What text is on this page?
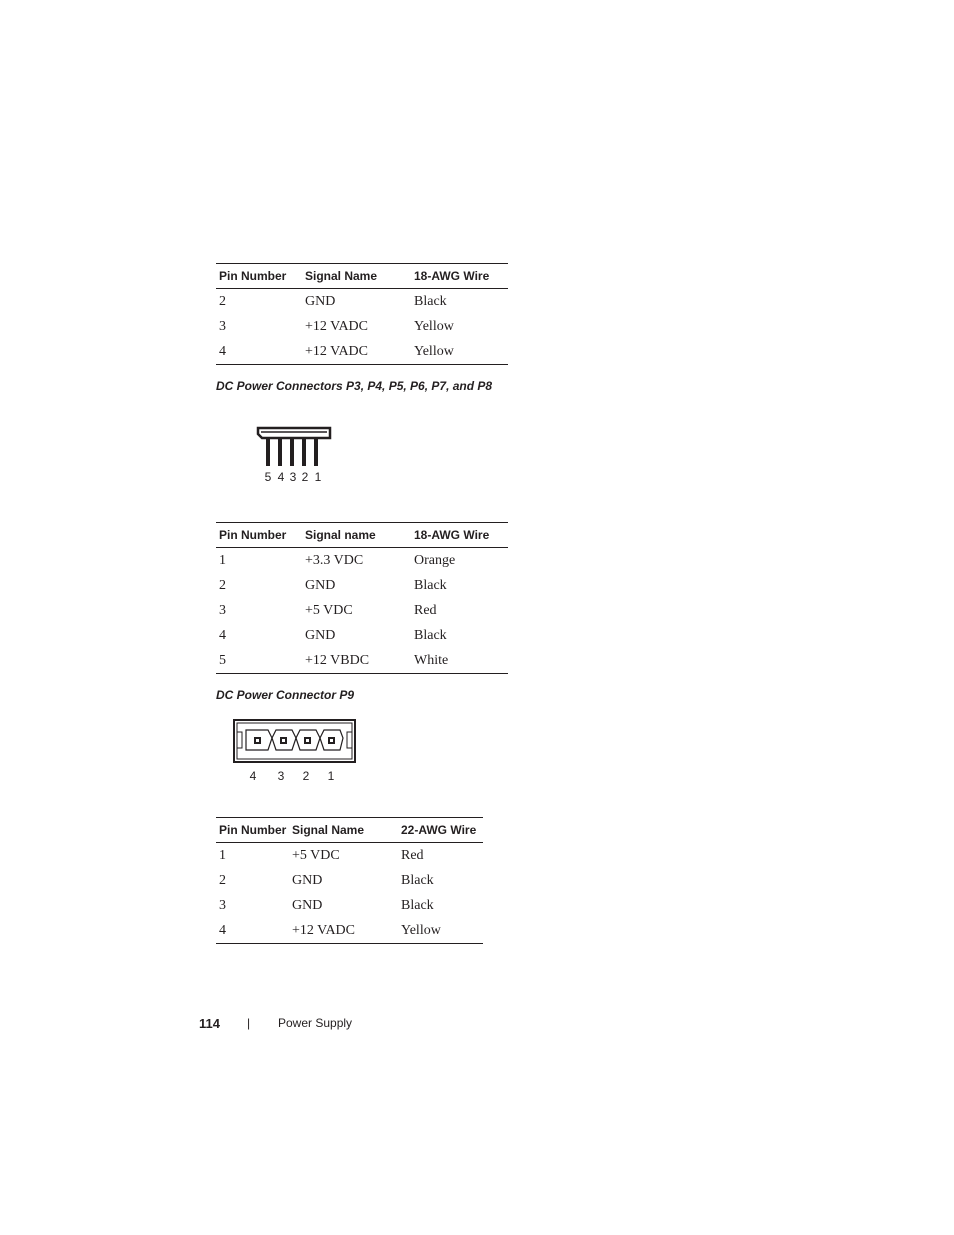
Pin Number	Signal Name	18-AWG Wire
2	GND	Black
3	+12 VADC	Yellow
4	+12 VADC	Yellow
DC Power Connectors P3, P4, P5, P6, P7, and P8
5 4 3 2 1
Pin Number	Signal name	18-AWG Wire
1	+3.3 VDC	Orange
2	GND	Black
3	+5 VDC	Red
4	GND	Black
5	+12 VBDC	White
DC Power Connector P9
4 3 2 1
Pin Number	Signal Name	22-AWG Wire
1	+5 VDC	Red
2	GND	Black
3	GND	Black
4	+12 VADC	Yellow
114 | Power Supply
